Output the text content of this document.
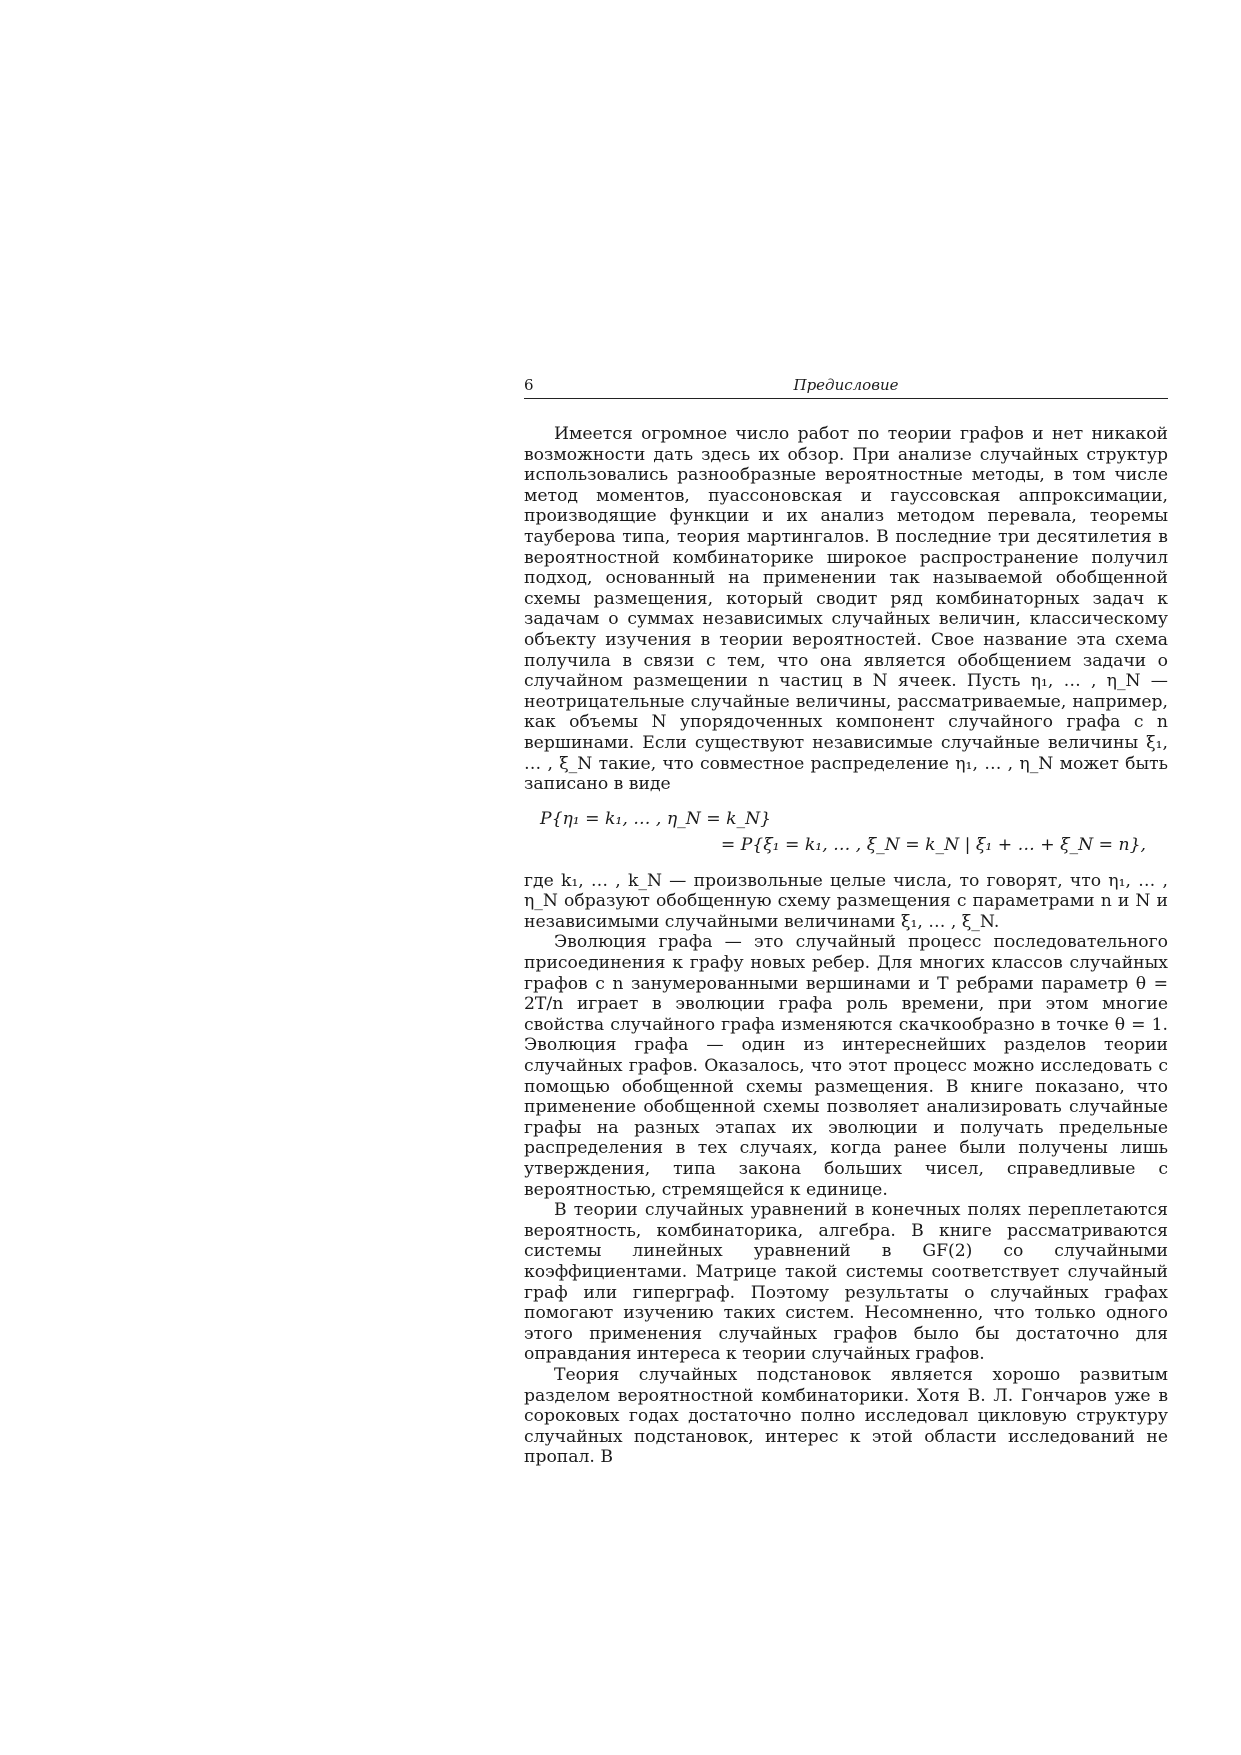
6	Предисловие

Имеется огромное число работ по теории графов и нет никакой возможности дать здесь их обзор. При анализе случайных структур использовались разнообразные вероятностные методы, в том числе метод моментов, пуассоновская и гауссовская аппроксимации, производящие функции и их анализ методом перевала, теоремы тауберова типа, теория мартингалов. В последние три десятилетия в вероятностной комбинаторике широкое распространение получил подход, основанный на применении так называемой обобщенной схемы размещения, который сводит ряд комбинаторных задач к задачам о суммах независимых случайных величин, классическому объекту изучения в теории вероятностей. Свое название эта схема получила в связи с тем, что она является обобщением задачи о случайном размещении n частиц в N ячеек. Пусть η₁, … , η_N — неотрицательные случайные величины, рассматриваемые, например, как объемы N упорядоченных компонент случайного графа с n вершинами. Если существуют независимые случайные величины ξ₁, … , ξ_N такие, что совместное распределение η₁, … , η_N может быть записано в виде

P{η₁ = k₁, … , η_N = k_N}
= P{ξ₁ = k₁, … , ξ_N = k_N | ξ₁ + … + ξ_N = n},

где k₁, … , k_N — произвольные целые числа, то говорят, что η₁, … , η_N образуют обобщенную схему размещения с параметрами n и N и независимыми случайными величинами ξ₁, … , ξ_N.

Эволюция графа — это случайный процесс последовательного присоединения к графу новых ребер. Для многих классов случайных графов с n занумерованными вершинами и T ребрами параметр θ = 2T/n играет в эволюции графа роль времени, при этом многие свойства случайного графа изменяются скачкообразно в точке θ = 1. Эволюция графа — один из интереснейших разделов теории случайных графов. Оказалось, что этот процесс можно исследовать с помощью обобщенной схемы размещения. В книге показано, что применение обобщенной схемы позволяет анализировать случайные графы на разных этапах их эволюции и получать предельные распределения в тех случаях, когда ранее были получены лишь утверждения, типа закона больших чисел, справедливые с вероятностью, стремящейся к единице.

В теории случайных уравнений в конечных полях переплетаются вероятность, комбинаторика, алгебра. В книге рассматриваются системы линейных уравнений в GF(2) со случайными коэффициентами. Матрице такой системы соответствует случайный граф или гиперграф. Поэтому результаты о случайных графах помогают изучению таких систем. Несомненно, что только одного этого применения случайных графов было бы достаточно для оправдания интереса к теории случайных графов.

Теория случайных подстановок является хорошо развитым разделом вероятностной комбинаторики. Хотя В. Л. Гончаров уже в сороковых годах достаточно полно исследовал цикловую структуру случайных подстановок, интерес к этой области исследований не пропал. В
